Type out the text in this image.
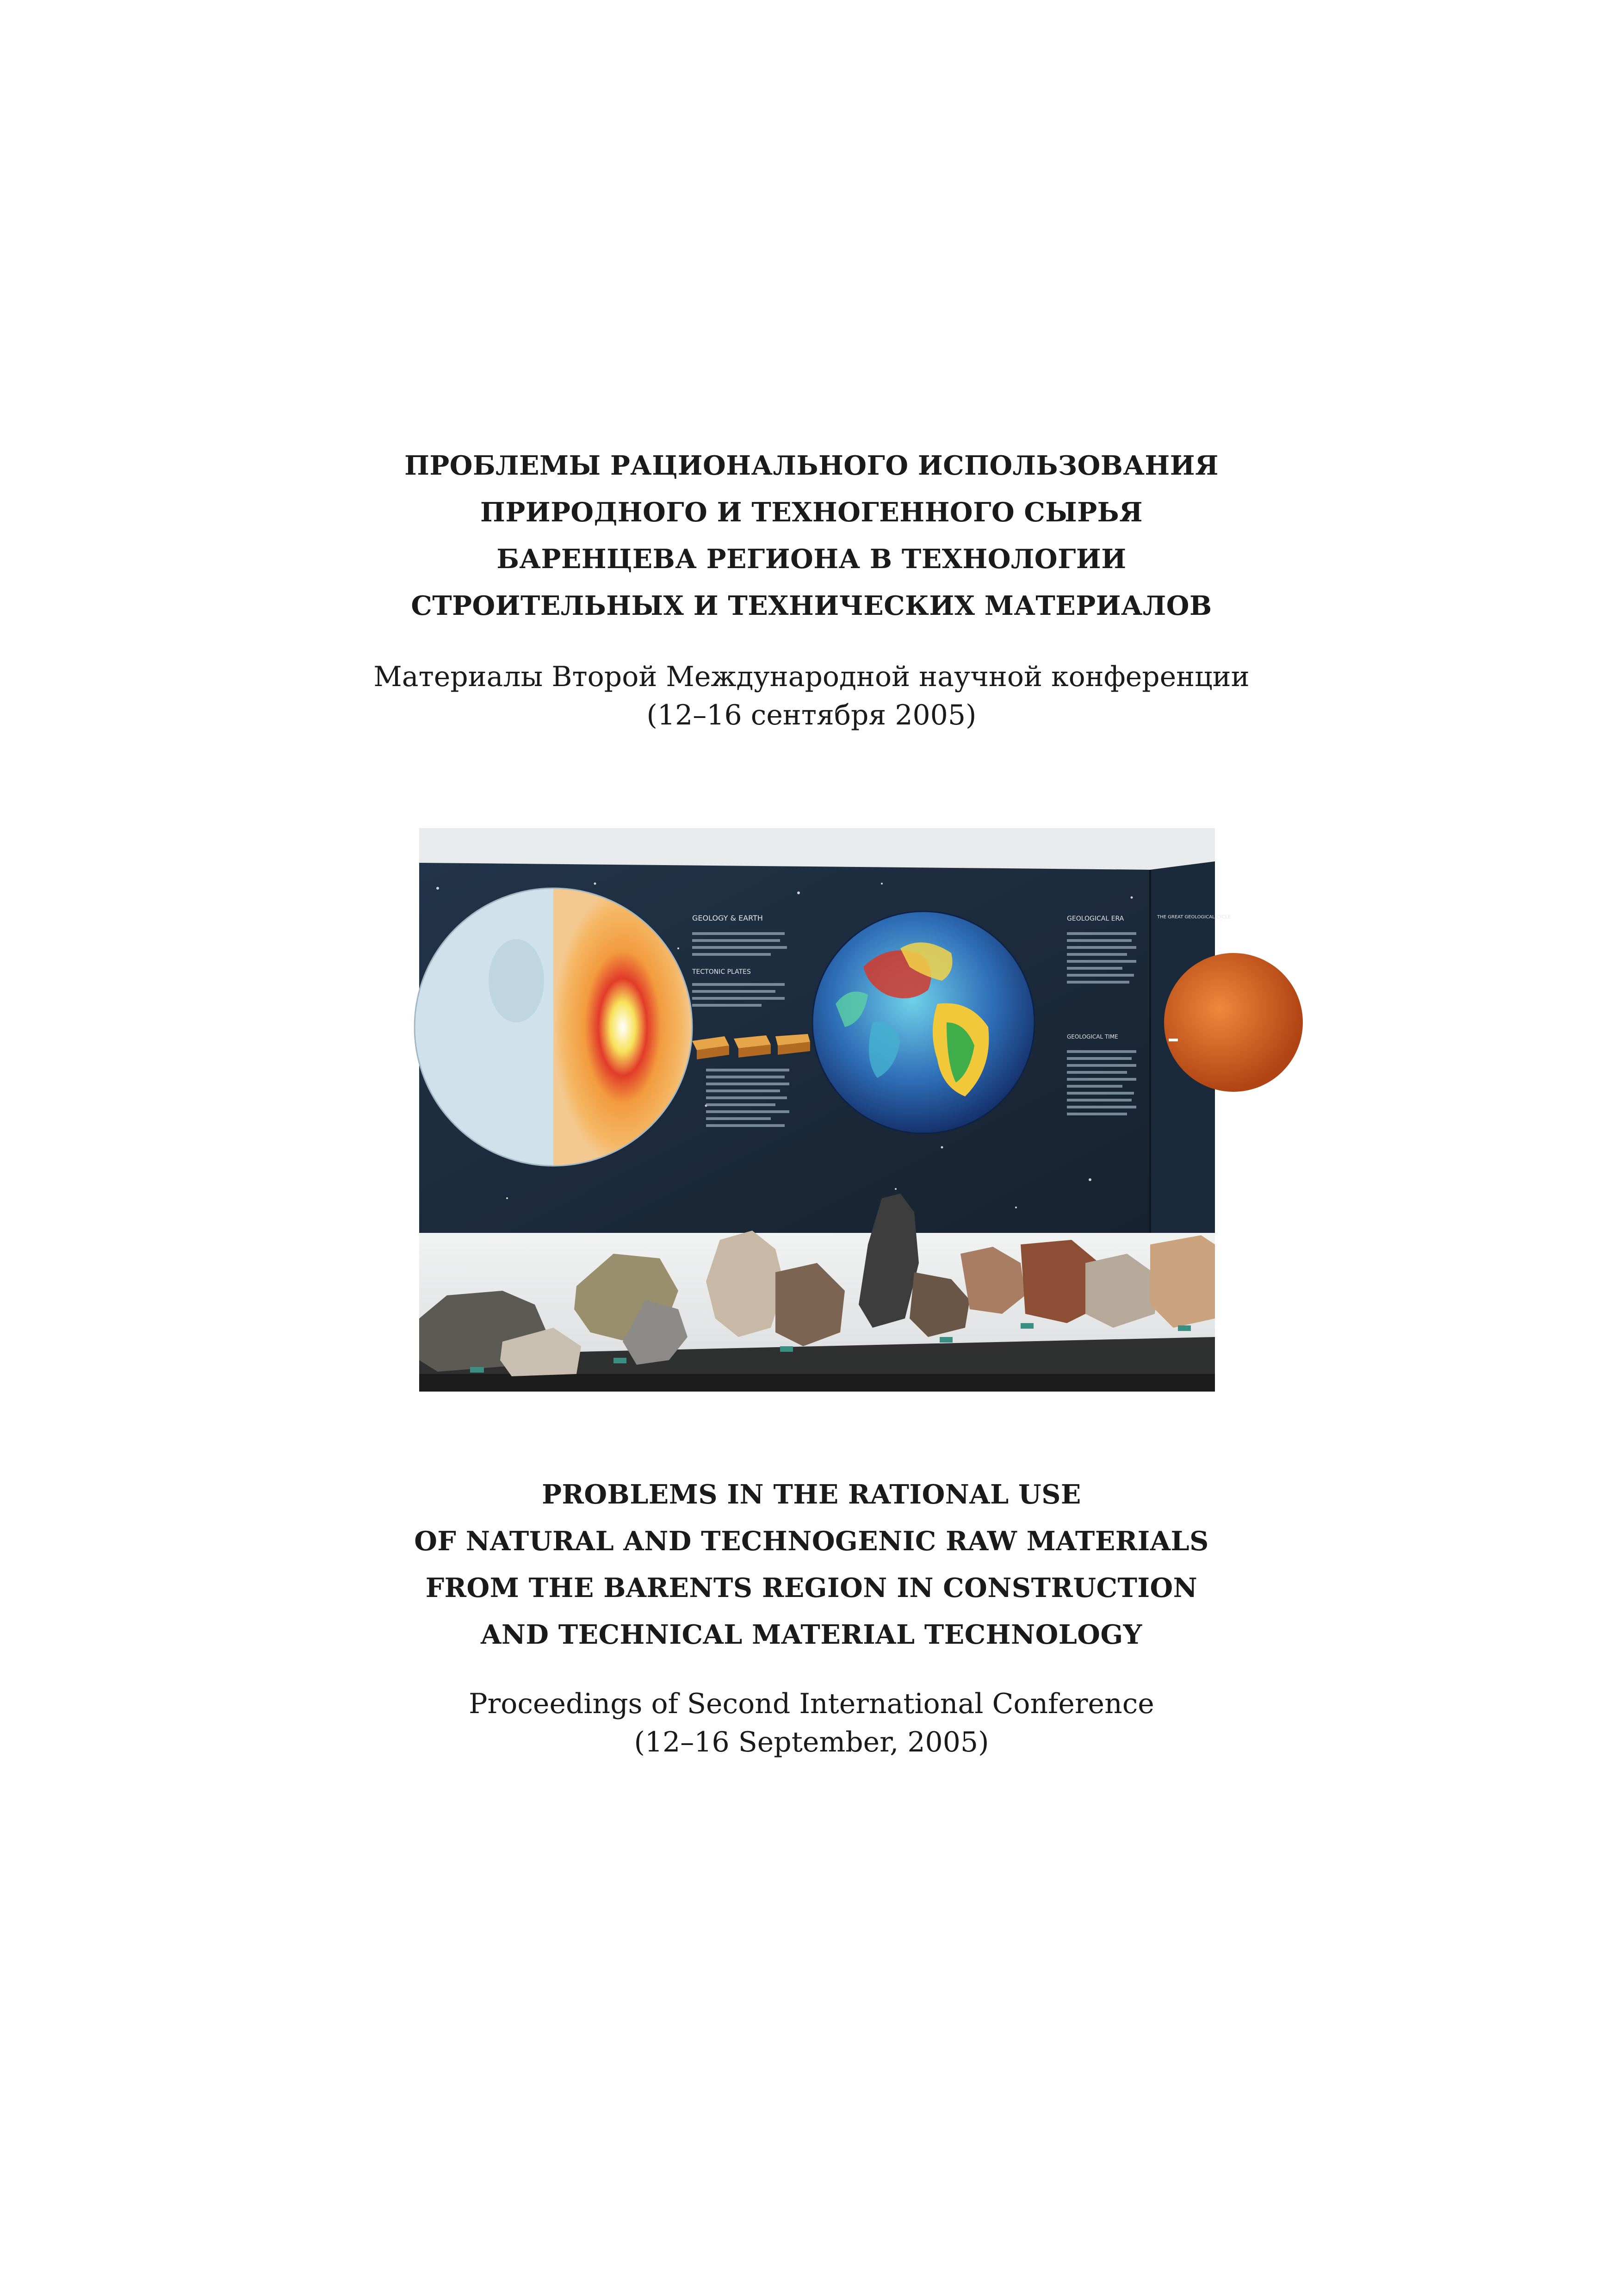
ПРОБЛЕМЫ РАЦИОНАЛЬНОГО ИСПОЛЬЗОВАНИЯ
ПРИРОДНОГО И ТЕХНОГЕННОГО СЫРЬЯ
БАРЕНЦЕВА РЕГИОНА В ТЕХНОЛОГИИ
СТРОИТЕЛЬНЫХ И ТЕХНИЧЕСКИХ МАТЕРИАЛОВ
Материалы Второй Международной научной конференции
(12–16 сентября 2005)
GEOLOGY & EARTH
TECTONIC PLATES
GEOLOGICAL ERA
GEOLOGICAL TIME
THE GREAT GEOLOGICAL CYCLE
PROBLEMS IN THE RATIONAL USE
OF NATURAL AND TECHNOGENIC RAW MATERIALS
FROM THE BARENTS REGION IN CONSTRUCTION
AND TECHNICAL MATERIAL TECHNOLOGY
Proceedings of Second International Conference
(12–16 September, 2005)
